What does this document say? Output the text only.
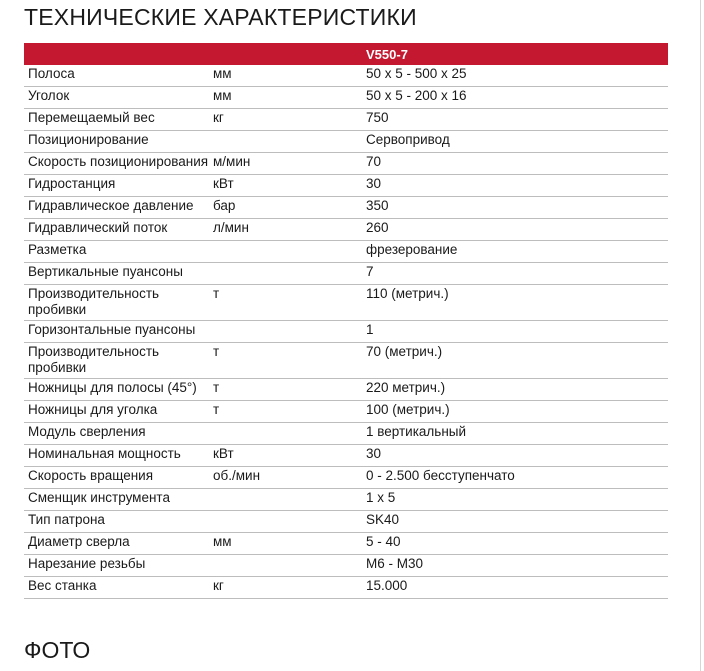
ТЕХНИЧЕСКИЕ ХАРАКТЕРИСТИКИ
		V550-7
Полоса	мм	50 x 5 - 500 x 25
Уголок	мм	50 x 5 - 200 x 16
Перемещаемый вес	кг	750
Позиционирование		Сервопривод
Скорость позиционирования	м/мин	70
Гидростанция	кВт	30
Гидравлическое давление	бар	350
Гидравлический поток	л/мин	260
Разметка		фрезерование
Вертикальные пуансоны		7
Производительность пробивки	т	110 (метрич.)
Горизонтальные пуансоны		1
Производительность пробивки	т	70 (метрич.)
Ножницы для полосы (45°)	т	220 метрич.)
Ножницы для уголка	т	100 (метрич.)
Модуль сверления		1 вертикальный
Номинальная мощность	кВт	30
Скорость вращения	об./мин	0 - 2.500 бесступенчато
Сменщик инструмента		1 x 5
Тип патрона		SK40
Диаметр сверла	мм	5 - 40
Нарезание резьбы		M6 - M30
Вес станка	кг	15.000
ФОТО
